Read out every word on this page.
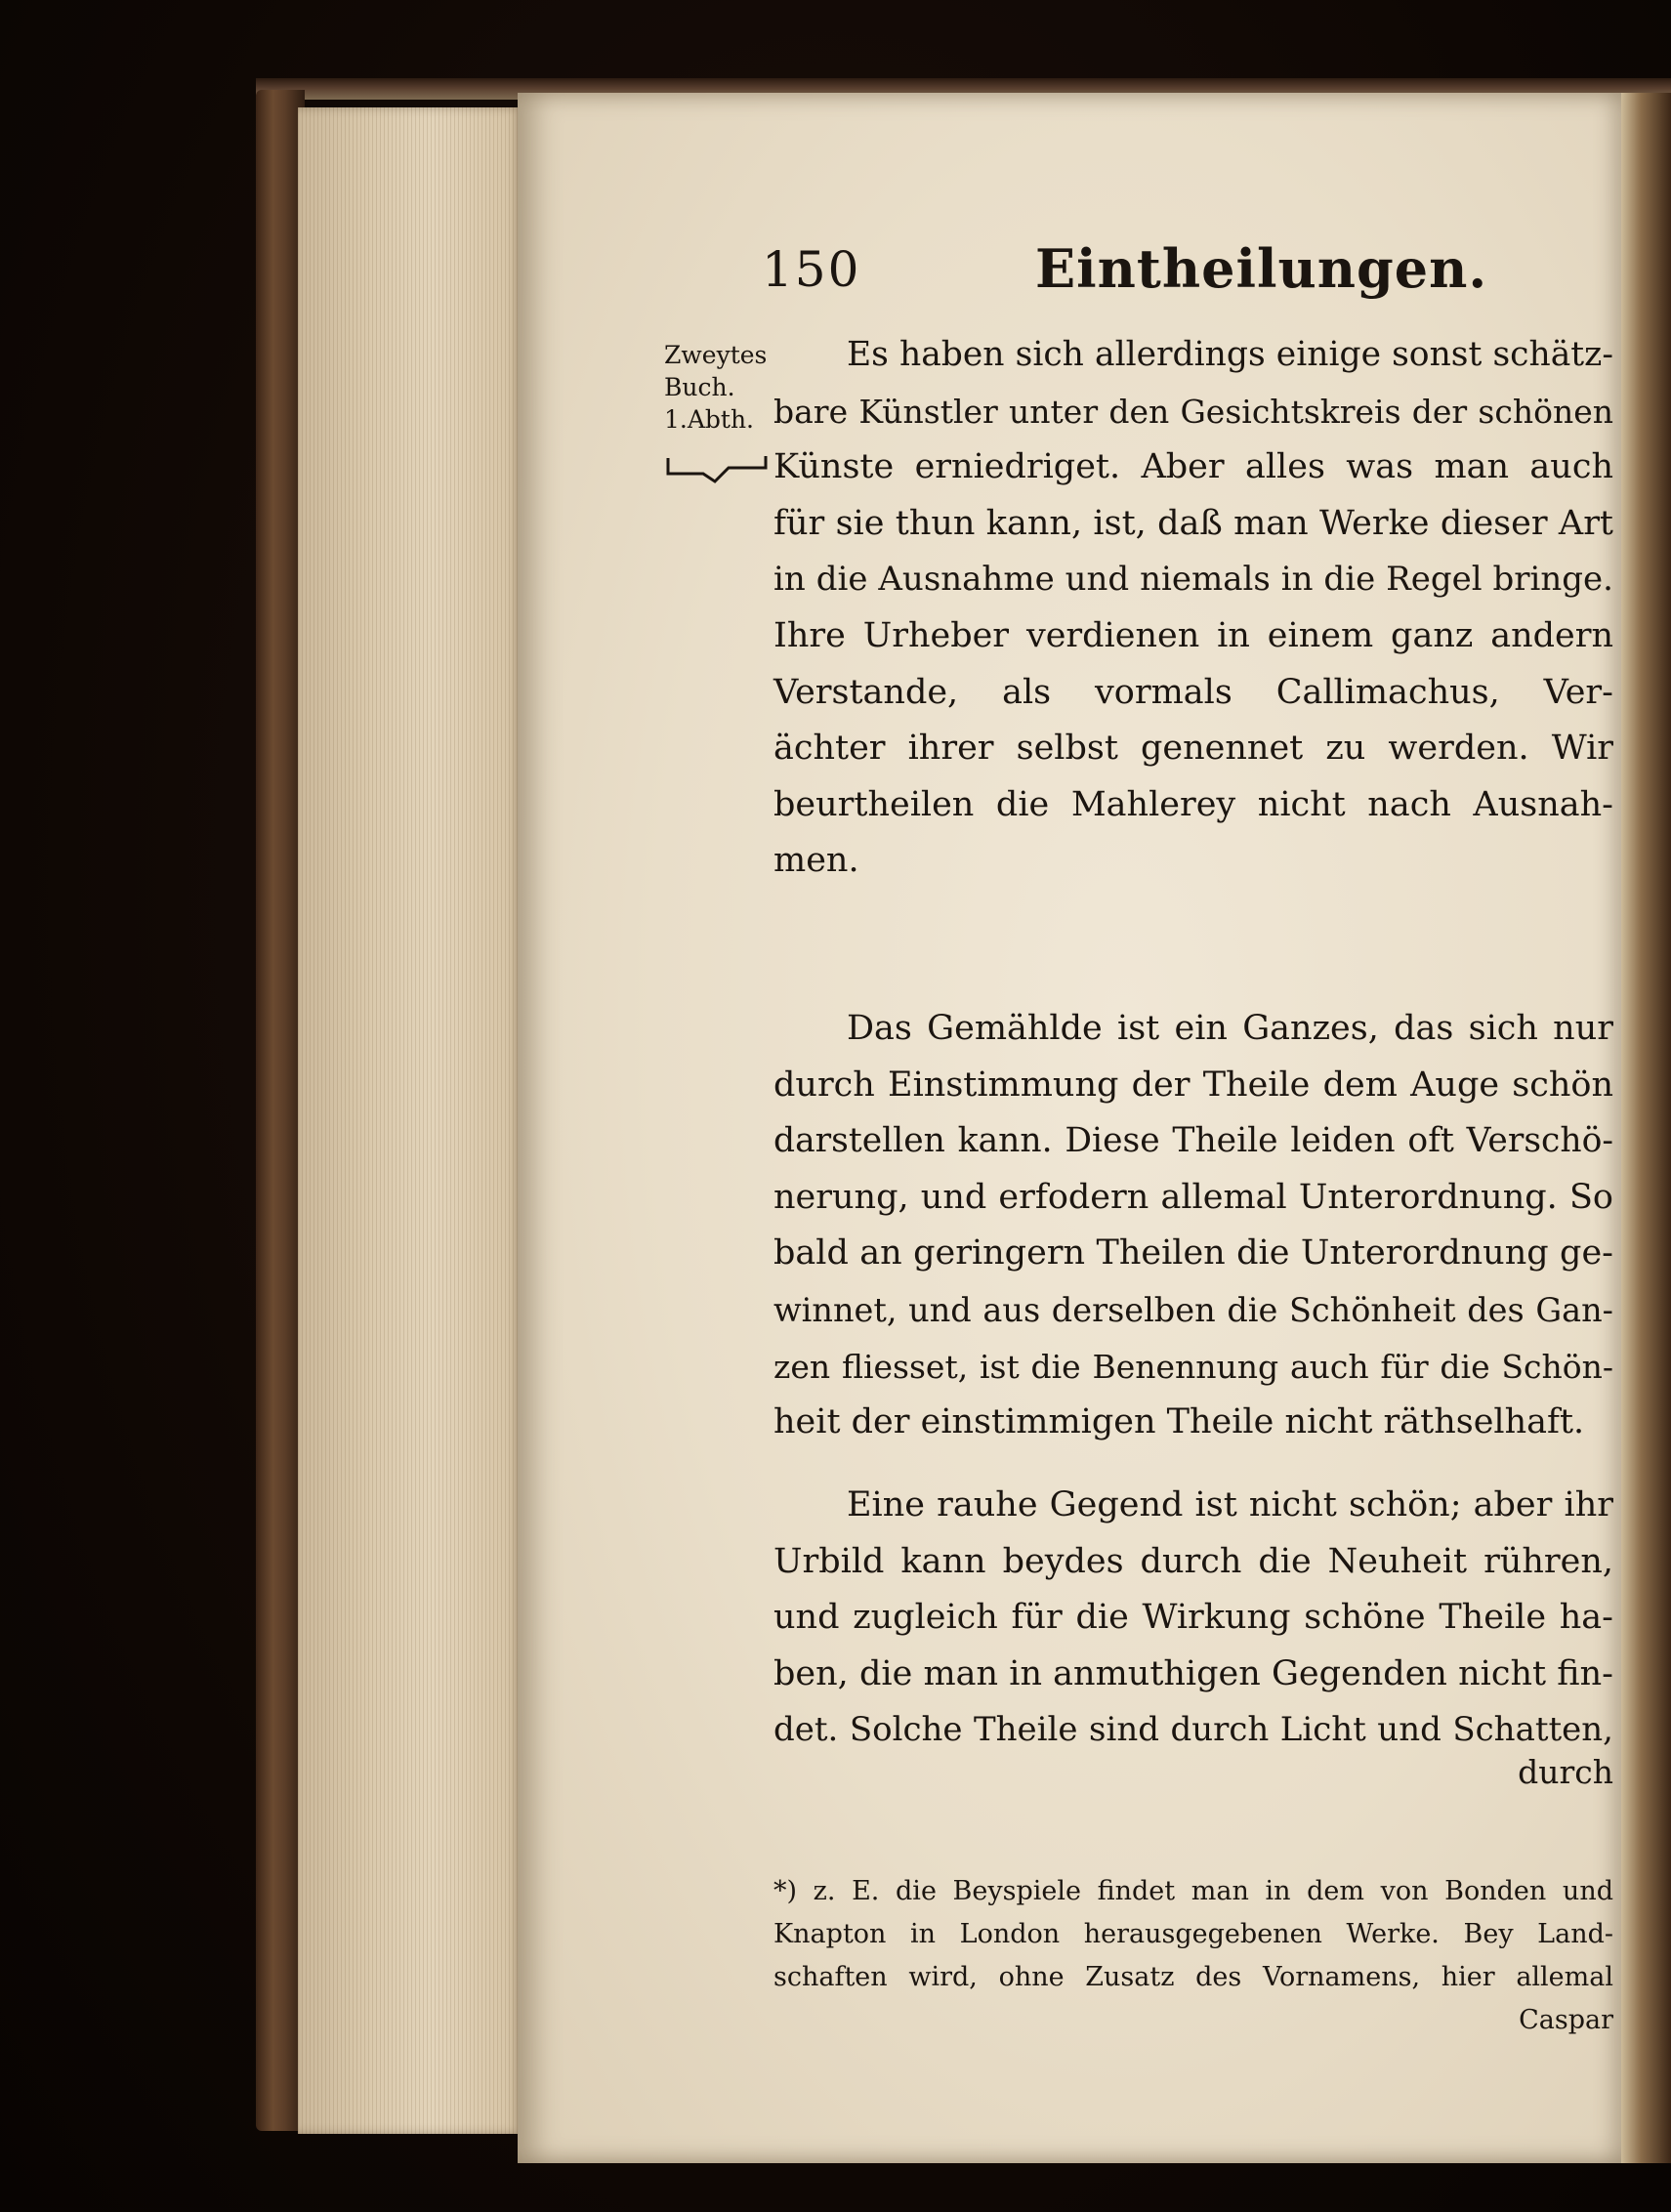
150	Eintheilungen.
Zweytes
Buch.
1.Abth.
Es haben sich allerdings einige sonst schätz-
bare Künstler unter den Gesichtskreis der schönen
Künste erniedriget. Aber alles was man auch
für sie thun kann, ist, daß man Werke dieser Art
in die Ausnahme und niemals in die Regel bringe.
Ihre Urheber verdienen in einem ganz andern
Verstande, als vormals Callimachus, Ver-
ächter ihrer selbst genennet zu werden. Wir
beurtheilen die Mahlerey nicht nach Ausnah-
men.
Das Gemählde ist ein Ganzes, das sich nur
durch Einstimmung der Theile dem Auge schön
darstellen kann. Diese Theile leiden oft Verschö-
nerung, und erfodern allemal Unterordnung. So
bald an geringern Theilen die Unterordnung ge-
winnet, und aus derselben die Schönheit des Gan-
zen fliesset, ist die Benennung auch für die Schön-
heit der einstimmigen Theile nicht räthselhaft.
Eine rauhe Gegend ist nicht schön; aber ihr
Urbild kann beydes durch die Neuheit rühren,
und zugleich für die Wirkung schöne Theile ha-
ben, die man in anmuthigen Gegenden nicht fin-
det. Solche Theile sind durch Licht und Schatten,
durch
*) z. E. die Beyspiele findet man in dem von Bonden und
Knapton in London herausgegebenen Werke. Bey Land-
schaften wird, ohne Zusatz des Vornamens, hier allemal
Caspar
